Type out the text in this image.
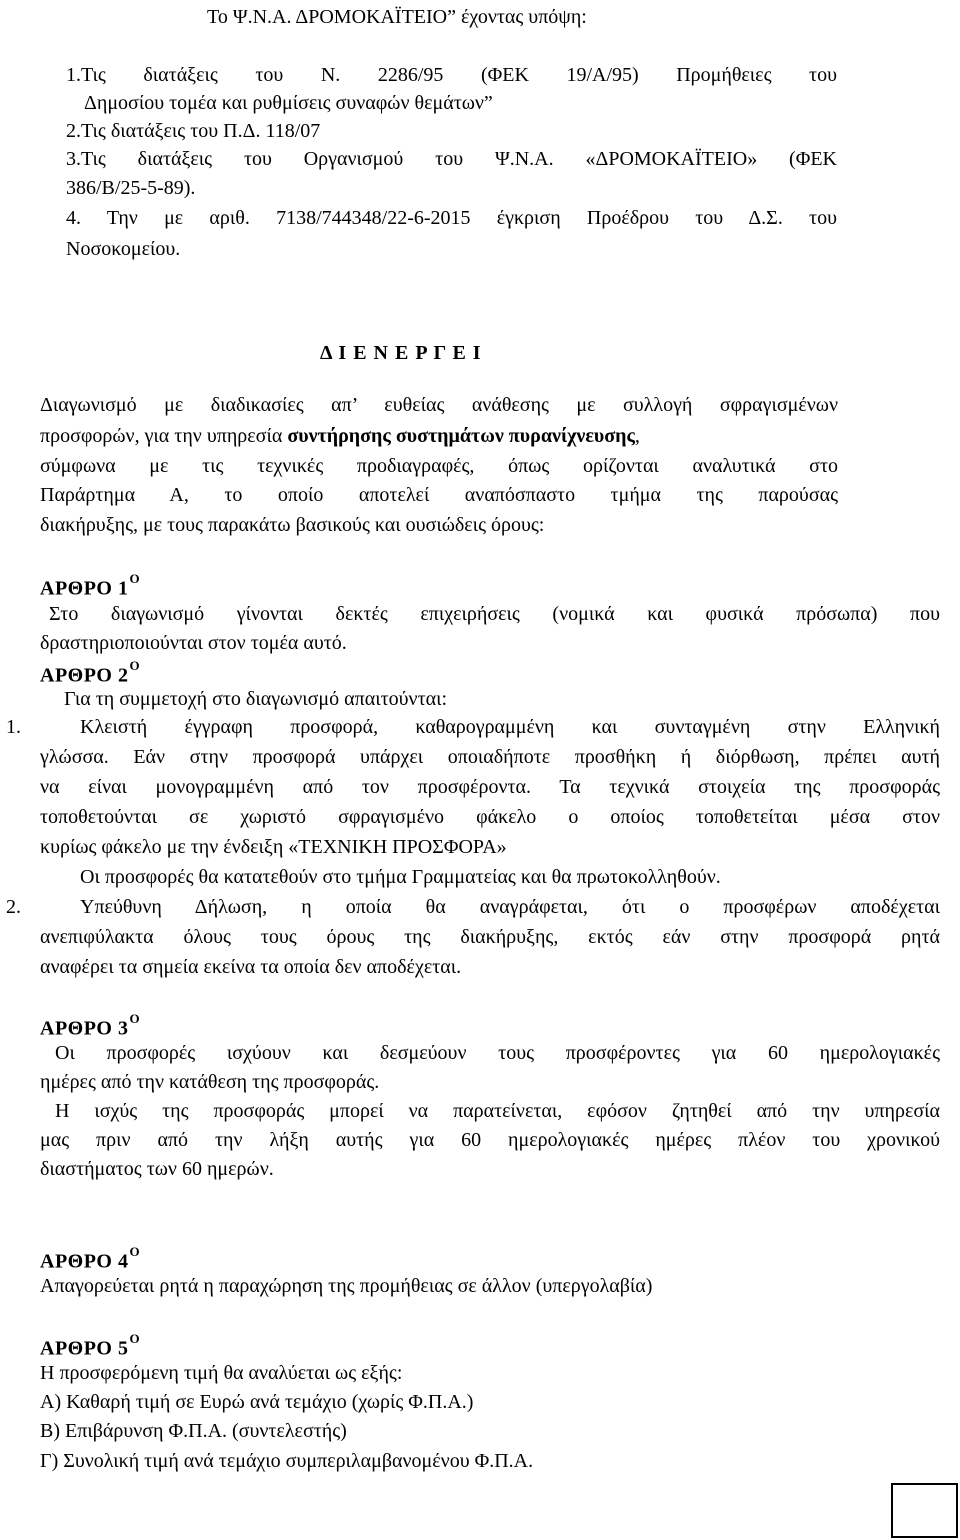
Το Ψ.Ν.Α. ΔΡΟΜΟΚΑΪΤΕΙΟ” έχοντας υπόψη:
1.Τις διατάξεις του Ν. 2286/95 (ΦΕΚ 19/Α/95) Προμήθειες του
Δημοσίου τομέα και ρυθμίσεις συναφών θεμάτων”
2.Τις διατάξεις του Π.Δ. 118/07
3.Τις διατάξεις του Οργανισμού του Ψ.Ν.Α. «ΔΡΟΜΟΚΑΪΤΕΙΟ» (ΦΕΚ
386/Β/25-5-89).
4. Την με αριθ. 7138/744348/22-6-2015 έγκριση Προέδρου του Δ.Σ. του
Νοσοκομείου.
Δ Ι Ε Ν Ε Ρ Γ Ε Ι
Διαγωνισμό με διαδικασίες απ’ ευθείας ανάθεσης με συλλογή σφραγισμένων
προσφορών, για την υπηρεσία συντήρησης συστημάτων πυρανίχνευσης,
σύμφωνα με τις τεχνικές προδιαγραφές, όπως ορίζονται αναλυτικά στο
Παράρτημα Α, το οποίο αποτελεί αναπόσπαστο τμήμα της παρούσας
διακήρυξης, με τους παρακάτω βασικούς και ουσιώδεις όρους:
ΑΡΘΡΟ $1^O$
Στο διαγωνισμό γίνονται δεκτές επιχειρήσεις (νομικά και φυσικά πρόσωπα) που
δραστηριοποιούνται στον τομέα αυτό.
ΑΡΘΡΟ $2^O$
Για τη συμμετοχή στο διαγωνισμό απαιτούνται:
1.	Κλειστή έγγραφη προσφορά, καθαρογραμμένη και συνταγμένη στην Ελληνική
γλώσσα. Εάν στην προσφορά υπάρχει οποιαδήποτε προσθήκη ή διόρθωση, πρέπει αυτή
να είναι μονογραμμένη από τον προσφέροντα. Τα τεχνικά στοιχεία της προσφοράς
τοποθετούνται σε χωριστό σφραγισμένο φάκελο ο οποίος τοποθετείται μέσα στον
κυρίως φάκελο με την ένδειξη «ΤΕΧΝΙΚΗ ΠΡΟΣΦΟΡΑ»
Οι προσφορές θα κατατεθούν στο τμήμα Γραμματείας και θα πρωτοκολληθούν.
2.	Υπεύθυνη Δήλωση, η οποία θα αναγράφεται, ότι ο προσφέρων αποδέχεται
ανεπιφύλακτα όλους τους όρους της διακήρυξης, εκτός εάν στην προσφορά ρητά
αναφέρει τα σημεία εκείνα τα οποία δεν αποδέχεται.
ΑΡΘΡΟ $3^O$
Οι προσφορές ισχύουν και δεσμεύουν τους προσφέροντες για 60 ημερολογιακές
ημέρες από την κατάθεση της προσφοράς.
Η ισχύς της προσφοράς μπορεί να παρατείνεται, εφόσον ζητηθεί από την υπηρεσία
μας πριν από την λήξη αυτής για 60 ημερολογιακές ημέρες πλέον του χρονικού
διαστήματος των 60 ημερών.
ΑΡΘΡΟ $4^O$
Απαγορεύεται ρητά η παραχώρηση της προμήθειας σε άλλον (υπεργολαβία)
ΑΡΘΡΟ $5^O$
Η προσφερόμενη τιμή θα αναλύεται ως εξής:
Α) Καθαρή τιμή σε Ευρώ ανά τεμάχιο (χωρίς Φ.Π.Α.)
Β) Επιβάρυνση Φ.Π.Α. (συντελεστής)
Γ) Συνολική τιμή ανά τεμάχιο συμπεριλαμβανομένου Φ.Π.Α.
